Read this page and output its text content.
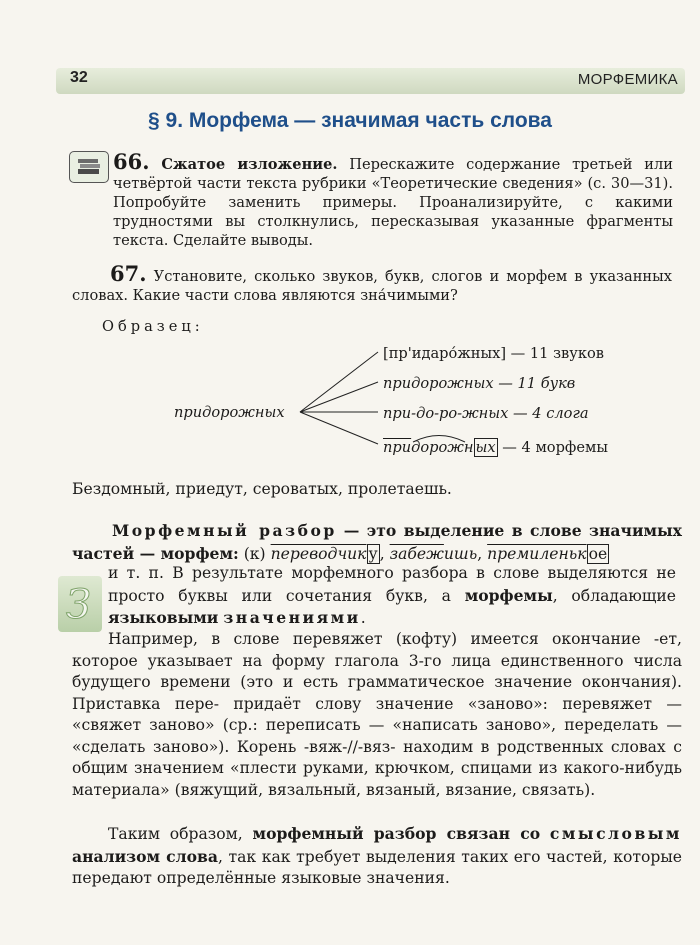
32	МОРФЕМИКА
§ 9. Морфема — значимая часть слова
66. Сжатое изложение. Перескажите содержание третьей или четвёртой части текста рубрики «Теоретические сведения» (с. 30—31). Попробуйте заменить примеры. Проанализируйте, с какими трудностями вы столкнулись, пересказывая указанные фрагменты текста. Сделайте выводы.
67. Установите, сколько звуков, букв, слогов и морфем в указанных словах. Какие части слова являются зна́чимыми?
Образец:
придорожных
[пр'идаро́жных] — 11 звуков
придорожных — 11 букв
при-до-ро-жных — 4 слога
при
дорожн ых — 4 морфемы
Бездомный, приедут, сероватых, пролетаешь.
Морфемный разбор — это выделение в слове значимых частей — морфем: (к) переводчик у , забежишь, премиленьк ое
З
и т. п. В результате морфемного разбора в слове выделяются не просто буквы или сочетания букв, а морфемы, обладающие языковыми значениями.
Например, в слове перевяжет (кофту) имеется окончание -ет, которое указывает на форму глагола 3-го лица единственного числа будущего времени (это и есть грамматическое значение окончания). Приставка пере- придаёт слову значение «заново»: перевяжет — «свяжет заново» (ср.: переписать — «написать заново», переделать — «сделать заново»). Корень -вяж-//-вяз- находим в родственных словах с общим значением «плести руками, крючком, спицами из какого-нибудь материала» (вяжущий, вязальный, вязаный, вязание, связать).
Таким образом, морфемный разбор связан со смысловым анализом слова, так как требует выделения таких его частей, которые передают определённые языковые значения.
